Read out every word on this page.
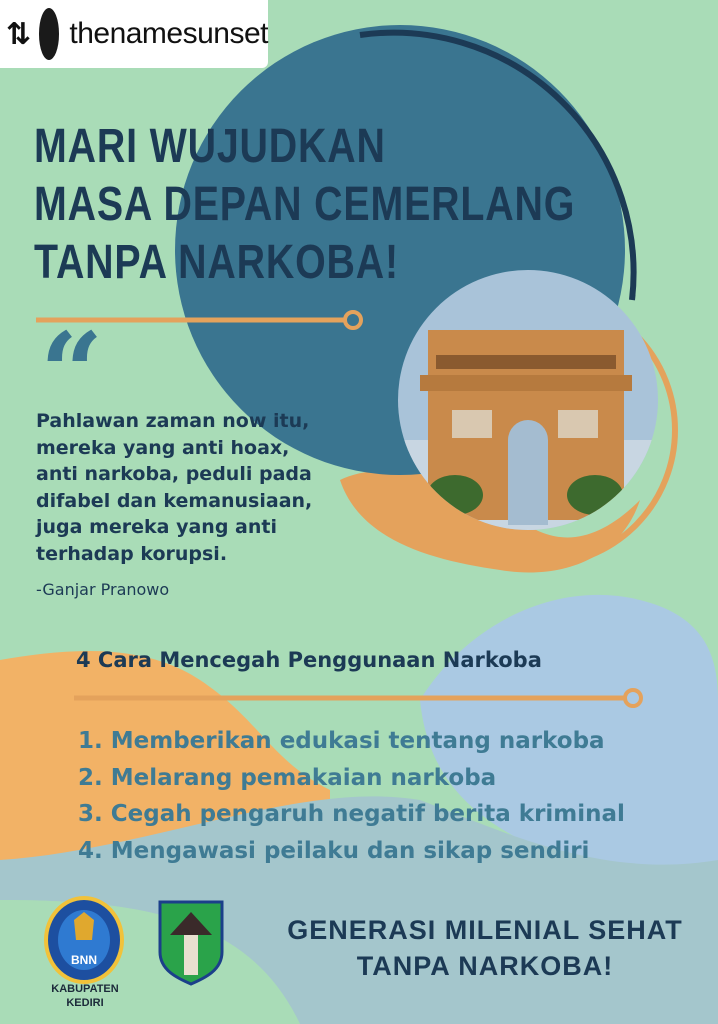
⇅ thenamesunset
MARI WUJUDKAN
MASA DEPAN CEMERLANG
TANPA NARKOBA!
“
Pahlawan zaman now itu,
mereka yang anti hoax,
anti narkoba, peduli pada
difabel dan kemanusiaan,
juga mereka yang anti
terhadap korupsi.
-Ganjar Pranowo
4 Cara Mencegah Penggunaan Narkoba
1. Memberikan edukasi tentang narkoba
2. Melarang pemakaian narkoba
3. Cegah pengaruh negatif berita kriminal
4. Mengawasi peilaku dan sikap sendiri
BNN
KABUPATEN
KEDIRI
GENERASI MILENIAL SEHAT
TANPA NARKOBA!
